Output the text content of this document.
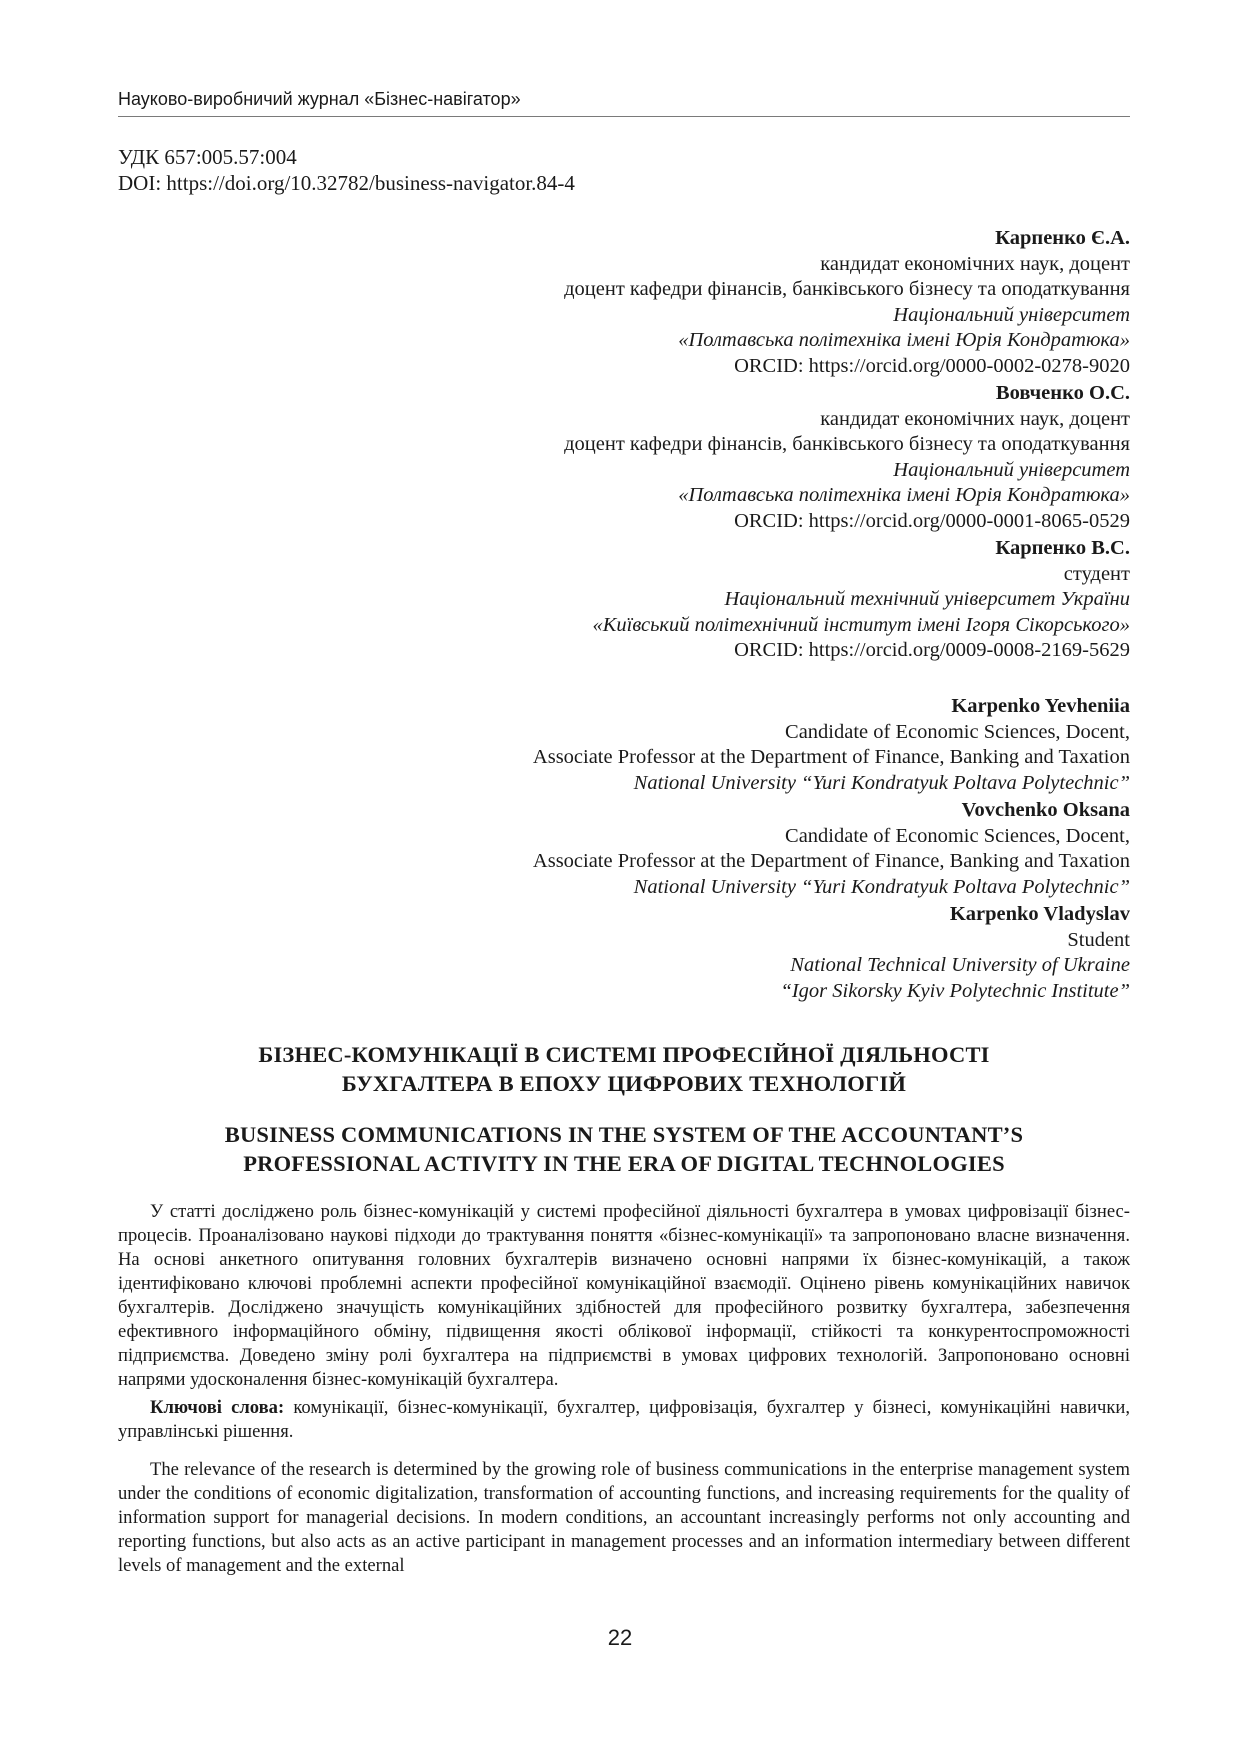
Науково-виробничий журнал «Бізнес-навігатор»
УДК 657:005.57:004
DOI: https://doi.org/10.32782/business-navigator.84-4
Карпенко Є.А.
кандидат економічних наук, доцент
доцент кафедри фінансів, банківського бізнесу та оподаткування
Національний університет
«Полтавська політехніка імені Юрія Кондратюка»
ORCID: https://orcid.org/0000-0002-0278-9020
Вовченко О.С.
кандидат економічних наук, доцент
доцент кафедри фінансів, банківського бізнесу та оподаткування
Національний університет
«Полтавська політехніка імені Юрія Кондратюка»
ORCID: https://orcid.org/0000-0001-8065-0529
Карпенко В.С.
студент
Національний технічний університет України
«Київський політехнічний інститут імені Ігоря Сікорського»
ORCID: https://orcid.org/0009-0008-2169-5629
Karpenko Yevheniia
Candidate of Economic Sciences, Docent,
Associate Professor at the Department of Finance, Banking and Taxation
National University “Yuri Kondratyuk Poltava Polytechnic”
Vovchenko Oksana
Candidate of Economic Sciences, Docent,
Associate Professor at the Department of Finance, Banking and Taxation
National University “Yuri Kondratyuk Poltava Polytechnic”
Karpenko Vladyslav
Student
National Technical University of Ukraine
“Igor Sikorsky Kyiv Polytechnic Institute”
БІЗНЕС-КОМУНІКАЦІЇ В СИСТЕМІ ПРОФЕСІЙНОЇ ДІЯЛЬНОСТІ
БУХГАЛТЕРА В ЕПОХУ ЦИФРОВИХ ТЕХНОЛОГІЙ
BUSINESS COMMUNICATIONS IN THE SYSTEM OF THE ACCOUNTANT’S
PROFESSIONAL ACTIVITY IN THE ERA OF DIGITAL TECHNOLOGIES

У статті досліджено роль бізнес-комунікацій у системі професійної діяльності бухгалтера в умовах цифровізації бізнес-процесів. Проаналізовано наукові підходи до трактування поняття «бізнес-комунікації» та запропоновано власне визначення. На основі анкетного опитування головних бухгалтерів визначено основні напрями їх бізнес-комунікацій, а також ідентифіковано ключові проблемні аспекти професійної комунікаційної взаємодії. Оцінено рівень комунікаційних навичок бухгалтерів. Досліджено значущість комунікаційних здібностей для професійного розвитку бухгалтера, забезпечення ефективного інформаційного обміну, підвищення якості облікової інформації, стійкості та конкурентоспроможності підприємства. Доведено зміну ролі бухгалтера на підприємстві в умовах цифрових технологій. Запропоновано основні напрями удосконалення бізнес-комунікацій бухгалтера.

Ключові слова: комунікації, бізнес-комунікації, бухгалтер, цифровізація, бухгалтер у бізнесі, комунікаційні навички, управлінські рішення.

The relevance of the research is determined by the growing role of business communications in the enterprise management system under the conditions of economic digitalization, transformation of accounting functions, and increasing requirements for the quality of information support for managerial decisions. In modern conditions, an accountant increasingly performs not only accounting and reporting functions, but also acts as an active participant in management processes and an information intermediary between different levels of management and the external

22
